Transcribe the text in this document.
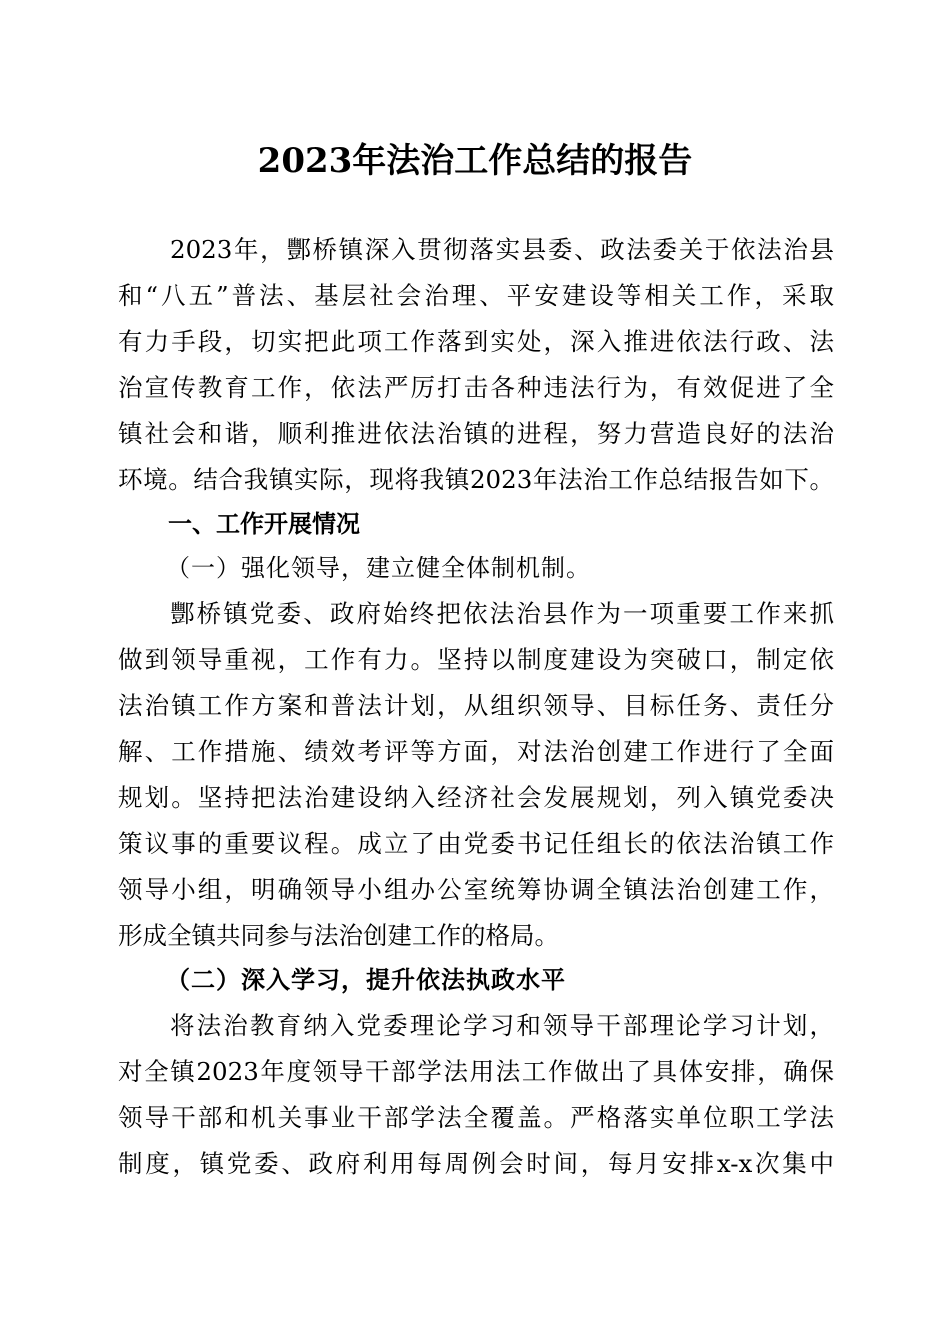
2023年法治工作总结的报告
2023年，酆桥镇深入贯彻落实县委、政法委关于依法治县
和“八五”普法、基层社会治理、平安建设等相关工作，采取
有力手段，切实把此项工作落到实处，深入推进依法行政、法
治宣传教育工作，依法严厉打击各种违法行为，有效促进了全
镇社会和谐，顺利推进依法治镇的进程，努力营造良好的法治
环境。结合我镇实际，现将我镇2023年法治工作总结报告如下。
一、工作开展情况
（一）强化领导，建立健全体制机制。
酆桥镇党委、政府始终把依法治县作为一项重要工作来抓
做到领导重视，工作有力。坚持以制度建设为突破口，制定依
法治镇工作方案和普法计划，从组织领导、目标任务、责任分
解、工作措施、绩效考评等方面，对法治创建工作进行了全面
规划。坚持把法治建设纳入经济社会发展规划，列入镇党委决
策议事的重要议程。成立了由党委书记任组长的依法治镇工作
领导小组，明确领导小组办公室统筹协调全镇法治创建工作，
形成全镇共同参与法治创建工作的格局。
（二）深入学习，提升依法执政水平
将法治教育纳入党委理论学习和领导干部理论学习计划，
对全镇2023年度领导干部学法用法工作做出了具体安排，确保
领导干部和机关事业干部学法全覆盖。严格落实单位职工学法
制度，镇党委、政府利用每周例会时间，每月安排x-x次集中
